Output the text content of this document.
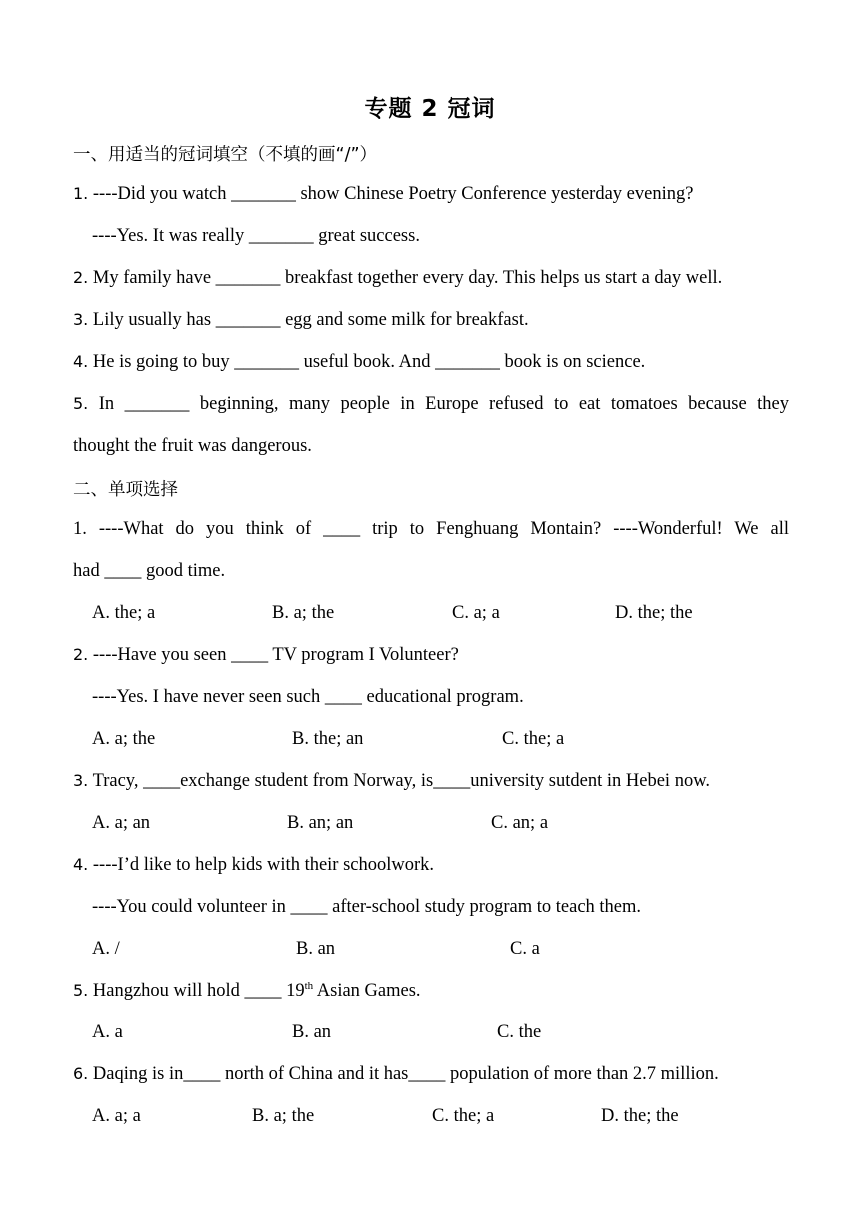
专题 2 冠词
一、用适当的冠词填空（不填的画“/”）
1. ----Did you watch _______ show Chinese Poetry Conference yesterday evening?
----Yes. It was really _______ great success.
2. My family have _______ breakfast together every day. This helps us start a day well.
3. Lily usually has _______ egg and some milk for breakfast.
4. He is going to buy _______ useful book. And _______ book is on science.
5. In _______ beginning, many people in Europe refused to eat tomatoes because they
thought the fruit was dangerous.
二、单项选择
1. ----What do you think of ____ trip to Fenghuang Montain? ----Wonderful! We all
had ____ good time.
A. the; a	B. a; the	C. a; a	D. the; the
2. ----Have you seen ____ TV program I Volunteer?
----Yes. I have never seen such ____ educational program.
A. a; the	B. the; an	C. the; a
3. Tracy, ____exchange student from Norway, is____university sutdent in Hebei now.
A. a; an	B. an; an	C. an; a
4. ----I’d like to help kids with their schoolwork.
----You could volunteer in ____ after-school study program to teach them.
A. /	B. an	C. a
5. Hangzhou will hold ____ 19th Asian Games.
A. a	B. an	C. the
6. Daqing is in____ north of China and it has____ population of more than 2.7 million.
A. a; a	B. a; the	C. the; a	D. the; the
